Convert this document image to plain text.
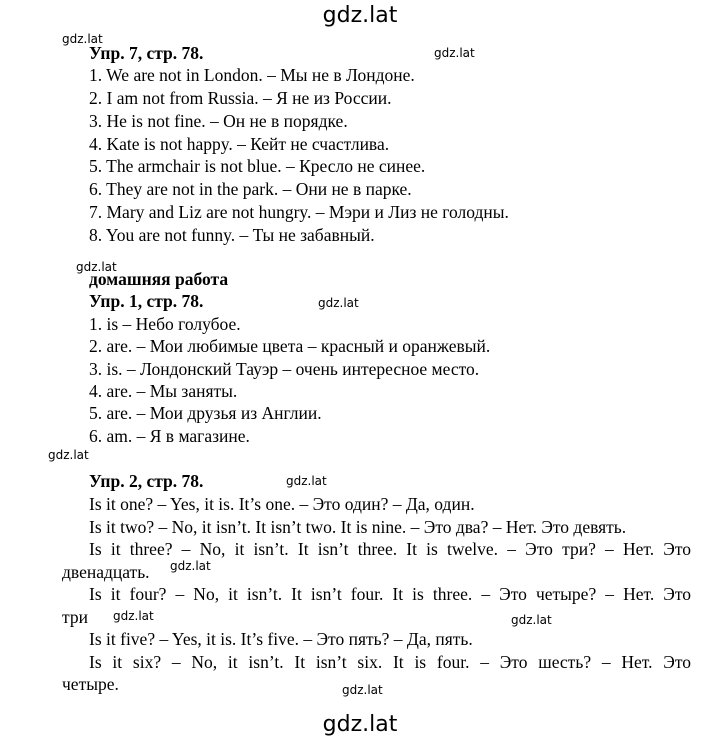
gdz.lat
gdz.lat
gdz.lat
gdz.lat
gdz.lat
gdz.lat
gdz.lat
gdz.lat
gdz.lat	gdz.lat
gdz.lat
Упр. 7, стр. 78.
1. We are not in London. – Мы не в Лондоне.
2. I am not from Russia. – Я не из России.
3. He is not fine. – Он не в порядке.
4. Kate is not happy. – Кейт не счастлива.
5. The armchair is not blue. – Кресло не синее.
6. They are not in the park. – Они не в парке.
7. Mary and Liz are not hungry. – Мэри и Лиз не голодны.
8. You are not funny. – Ты не забавный.
домашняя работа
Упр. 1, стр. 78.
1. is – Небо голубое.
2. are. – Мои любимые цвета – красный и оранжевый.
3. is. – Лондонский Тауэр – очень интересное место.
4. are. – Мы заняты.
5. are. – Мои друзья из Англии.
6. am. – Я в магазине.
Упр. 2, стр. 78.
Is it one? – Yes, it is. It’s one. – Это один? – Да, один.
Is it two? – No, it isn’t. It isn’t two. It is nine. – Это два? – Нет. Это девять.
Is it three? – No, it isn’t. It isn’t three. It is twelve. – Это три? – Нет. Это
двенадцать.
Is it four? – No, it isn’t. It isn’t four. It is three. – Это четыре? – Нет. Это
три
Is it five? – Yes, it is. It’s five. – Это пять? – Да, пять.
Is it six? – No, it isn’t. It isn’t six. It is four. – Это шесть? – Нет. Это
четыре.
gdz.lat
